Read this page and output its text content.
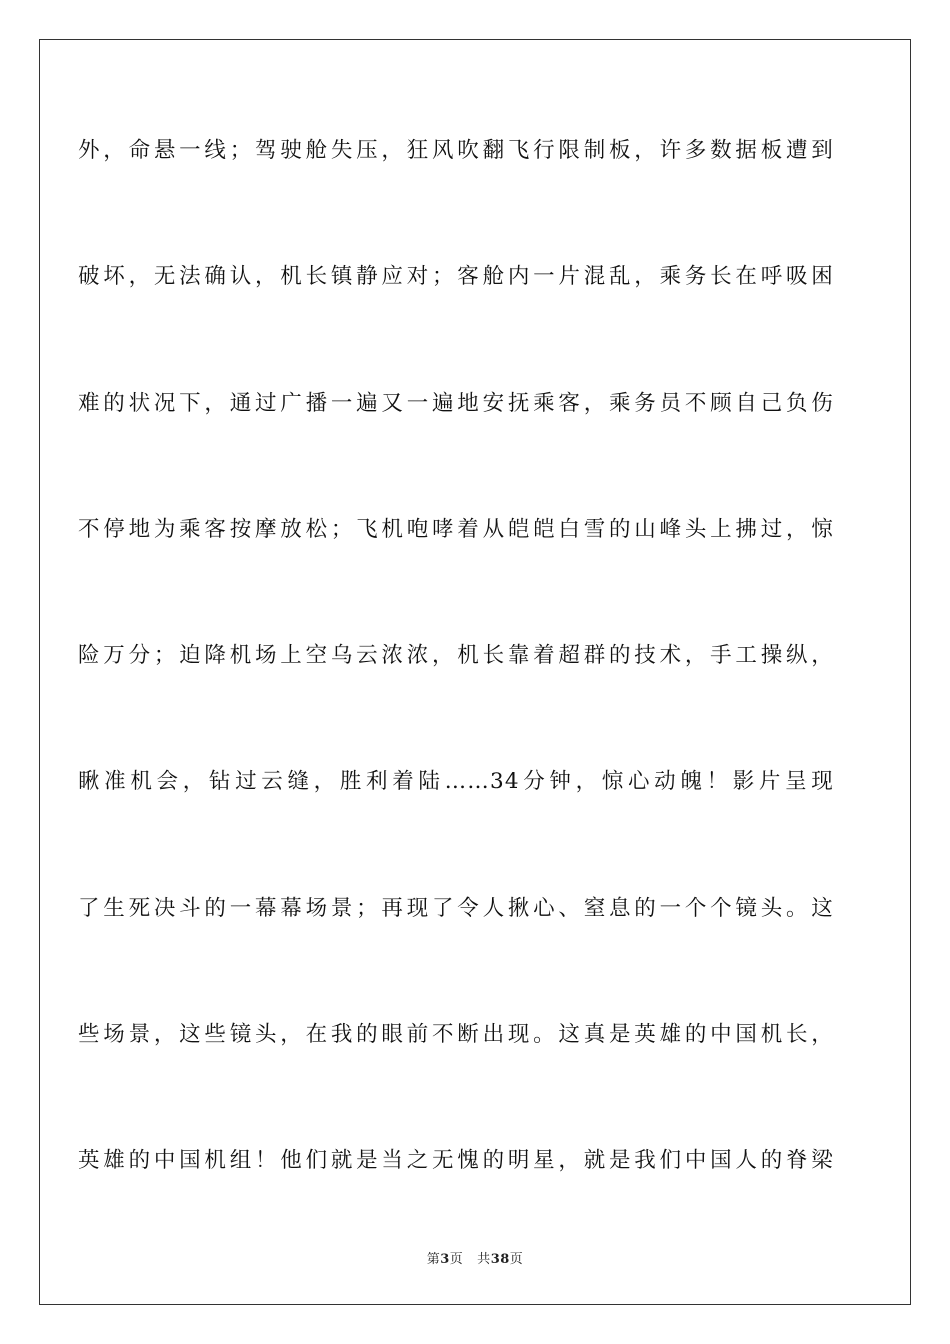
外，命悬一线；驾驶舱失压，狂风吹翻飞行限制板，许多数据板遭到
破坏，无法确认，机长镇静应对；客舱内一片混乱，乘务长在呼吸困
难的状况下，通过广播一遍又一遍地安抚乘客，乘务员不顾自己负伤
不停地为乘客按摩放松；飞机咆哮着从皑皑白雪的山峰头上拂过，惊
险万分；迫降机场上空乌云浓浓，机长靠着超群的技术，手工操纵，
瞅准机会，钻过云缝，胜利着陆……34分钟，惊心动魄！影片呈现
了生死决斗的一幕幕场景；再现了令人揪心、窒息的一个个镜头。这
些场景，这些镜头，在我的眼前不断出现。这真是英雄的中国机长，
英雄的中国机组！他们就是当之无愧的明星，就是我们中国人的脊梁
第3页 共38页
